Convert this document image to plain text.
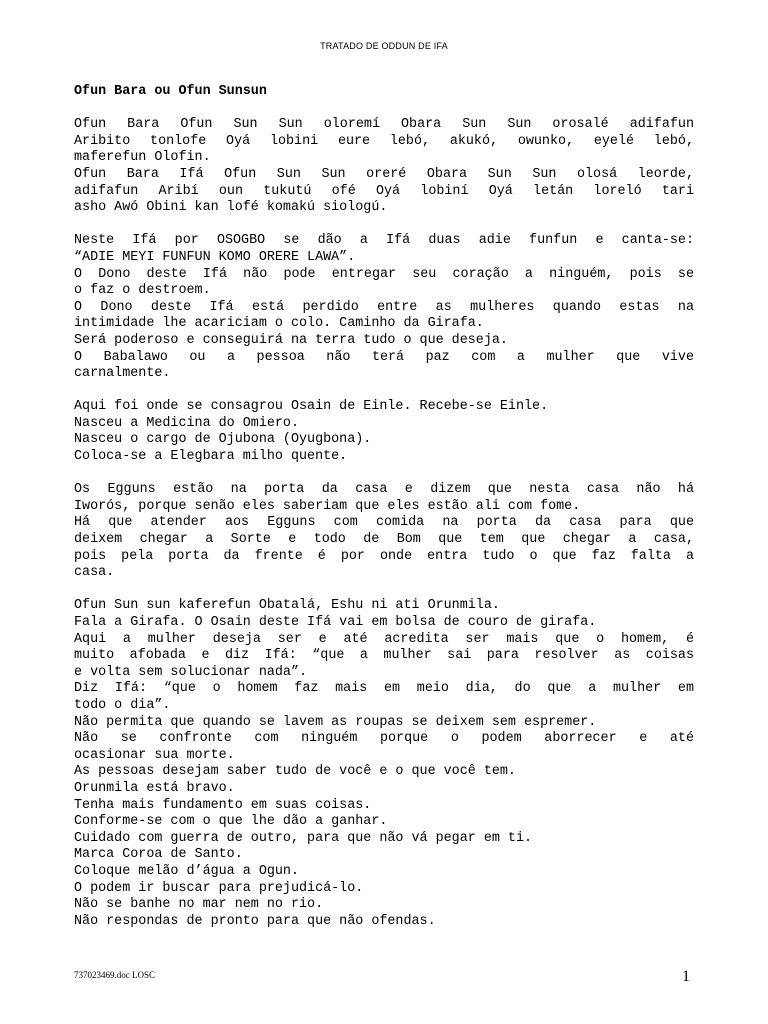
TRATADO DE ODDUN DE IFA
Ofun Bara ou Ofun Sunsun
Ofun Bara Ofun Sun Sun oloremí Obara Sun Sun orosalé adifafun
Aribito tonlofe Oyá lobini eure lebó, akukó, owunko, eyelé lebó,
maferefun Olofin.
Ofun Bara Ifá Ofun Sun Sun oreré Obara Sun Sun olosá leorde,
adifafun Aribí oun tukutú ofé Oyá lobiní Oyá letán loreló tari
asho Awó Obini kan lofé komakú siologú.
Neste Ifá por OSOGBO se dão a Ifá duas adie funfun e canta-se:
“ADIE MEYI FUNFUN KOMO ORERE LAWA”.
O Dono deste Ifá não pode entregar seu coração a ninguém, pois se
o faz o destroem.
O Dono deste Ifá está perdido entre as mulheres quando estas na
intimidade lhe acariciam o colo. Caminho da Girafa.
Será poderoso e conseguirá na terra tudo o que deseja.
O Babalawo ou a pessoa não terá paz com a mulher que vive
carnalmente.
Aqui foi onde se consagrou Osain de Einle. Recebe-se Einle.
Nasceu a Medicina do Omiero.
Nasceu o cargo de Ojubona (Oyugbona).
Coloca-se a Elegbara milho quente.
Os Egguns estão na porta da casa e dizem que nesta casa não há
Iworós, porque senão eles saberiam que eles estão ali com fome.
Há que atender aos Egguns com comida na porta da casa para que
deixem chegar a Sorte e todo de Bom que tem que chegar a casa,
pois pela porta da frente é por onde entra tudo o que faz falta a
casa.
Ofun Sun sun kaferefun Obatalá, Eshu ni ati Orunmila.
Fala a Girafa. O Osain deste Ifá vai em bolsa de couro de girafa.
Aqui a mulher deseja ser e até acredita ser mais que o homem, é
muito afobada e diz Ifá: “que a mulher sai para resolver as coisas
e volta sem solucionar nada”.
Diz Ifá: “que o homem faz mais em meio dia, do que a mulher em
todo o dia”.
Não permita que quando se lavem as roupas se deixem sem espremer.
Não se confronte com ninguém porque o podem aborrecer e até
ocasionar sua morte.
As pessoas desejam saber tudo de você e o que você tem.
Orunmila está bravo.
Tenha mais fundamento em suas coisas.
Conforme-se com o que lhe dão a ganhar.
Cuidado com guerra de outro, para que não vá pegar em ti.
Marca Coroa de Santo.
Coloque melão d’água a Ogun.
O podem ir buscar para prejudicá-lo.
Não se banhe no mar nem no rio.
Não respondas de pronto para que não ofendas.
737023469.doc LOSC	1
